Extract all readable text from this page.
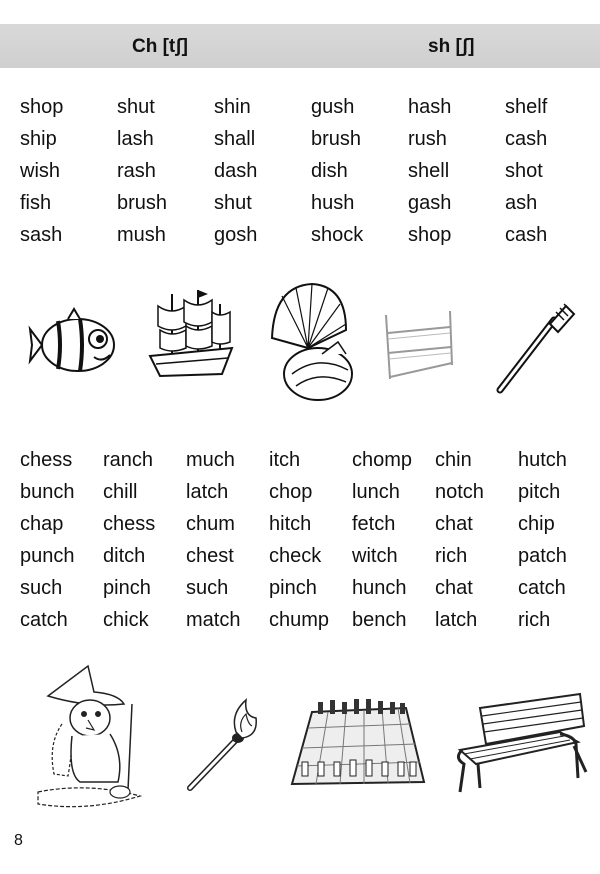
Ch [tʃ]	sh [ʃ]
shop
ship
wish
fish
sash
shut
lash
rash
brush
mush
shin
shall
dash
shut
gosh
gush
brush
dish
hush
shock
hash
rush
shell
gash
shop
shelf
cash
shot
ash
cash
chess
bunch
chap
punch
such
catch
ranch
chill
chess
ditch
pinch
chick
much
latch
chum
chest
such
match
itch
chop
hitch
check
pinch
chump
chomp
lunch
fetch
witch
hunch
bench
chin
notch
chat
rich
chat
latch
hutch
pitch
chip
patch
catch
rich
8
